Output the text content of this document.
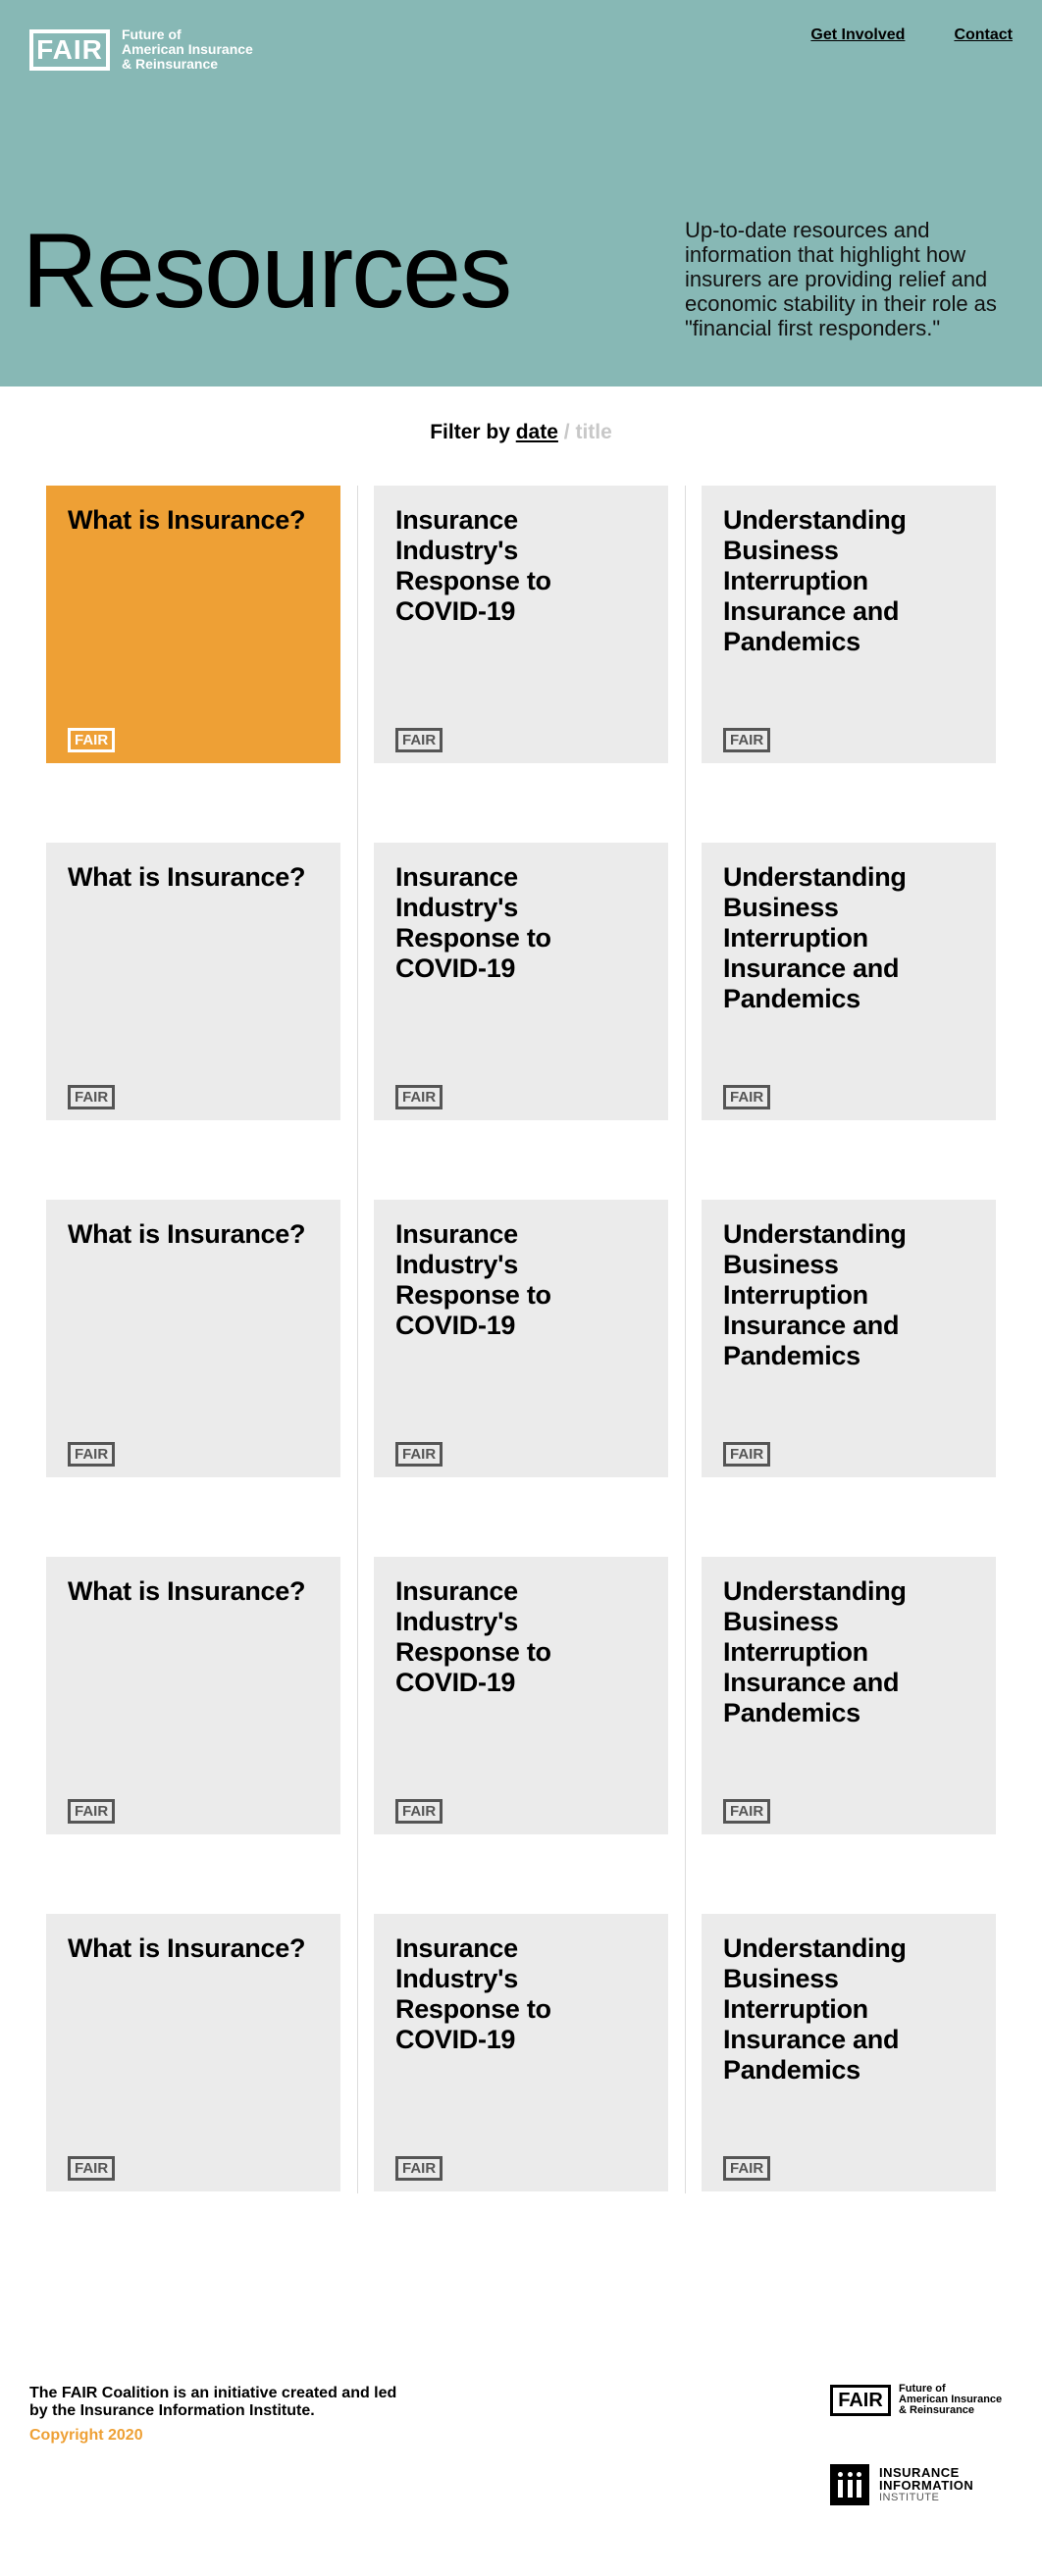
FAIR	Future of
American Insurance
& Reinsurance
Get Involved	Contact
Resources	Up-to-date resources and information that highlight how insurers are providing relief and economic stability in their role as "financial first responders."

Filter by date / title
What is Insurance?
FAIR
Insurance Industry's Response to COVID-19
FAIR
Understanding Business Interruption Insurance and Pandemics
FAIR
What is Insurance?
FAIR
Insurance Industry's Response to COVID-19
FAIR
Understanding Business Interruption Insurance and Pandemics
FAIR
What is Insurance?
FAIR
Insurance Industry's Response to COVID-19
FAIR
Understanding Business Interruption Insurance and Pandemics
FAIR
What is Insurance?
FAIR
Insurance Industry's Response to COVID-19
FAIR
Understanding Business Interruption Insurance and Pandemics
FAIR
What is Insurance?
FAIR
Insurance Industry's Response to COVID-19
FAIR
Understanding Business Interruption Insurance and Pandemics
FAIR

The FAIR Coalition is an initiative created and led by the Insurance Information Institute.

Copyright 2020

FAIR
Future of
American Insurance
& Reinsurance
INSURANCE
INFORMATION
INSTITUTE
